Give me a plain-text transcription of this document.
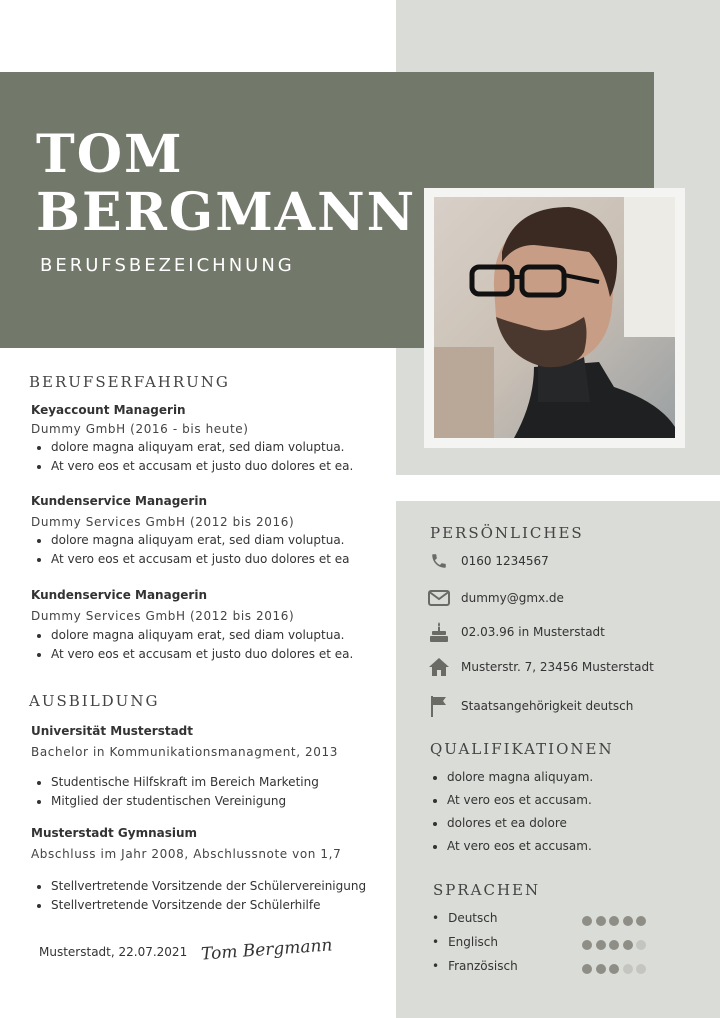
TOM
BERGMANN
BERUFSBEZEICHNUNG
BERUFSERFAHRUNG
Keyaccount Managerin
Dummy GmbH (2016 - bis heute)
• dolore magna aliquyam erat, sed diam voluptua.
• At vero eos et accusam et justo duo dolores et ea.
Kundenservice Managerin
Dummy Services GmbH (2012 bis 2016)
• dolore magna aliquyam erat, sed diam voluptua.
• At vero eos et accusam et justo duo dolores et ea
Kundenservice Managerin
Dummy Services GmbH (2012 bis 2016)
• dolore magna aliquyam erat, sed diam voluptua.
• At vero eos et accusam et justo duo dolores et ea.
AUSBILDUNG
Universität Musterstadt
Bachelor in Kommunikationsmanagment, 2013
• Studentische Hilfskraft im Bereich Marketing
• Mitglied der studentischen Vereinigung
Musterstadt Gymnasium
Abschluss im Jahr 2008, Abschlussnote von 1,7
• Stellvertretende Vorsitzende der Schülervereinigung
• Stellvertretende Vorsitzende der Schülerhilfe
Musterstadt, 22.07.2021 Tom Bergmann
PERSÖNLICHES
0160 1234567
dummy@gmx.de
02.03.96 in Musterstadt
Musterstr. 7, 23456 Musterstadt
Staatsangehörigkeit deutsch
QUALIFIKATIONEN
• dolore magna aliquyam.
• At vero eos et accusam.
• dolores et ea dolore
• At vero eos et accusam.
SPRACHEN
• Deutsch
• Englisch
• Französisch
